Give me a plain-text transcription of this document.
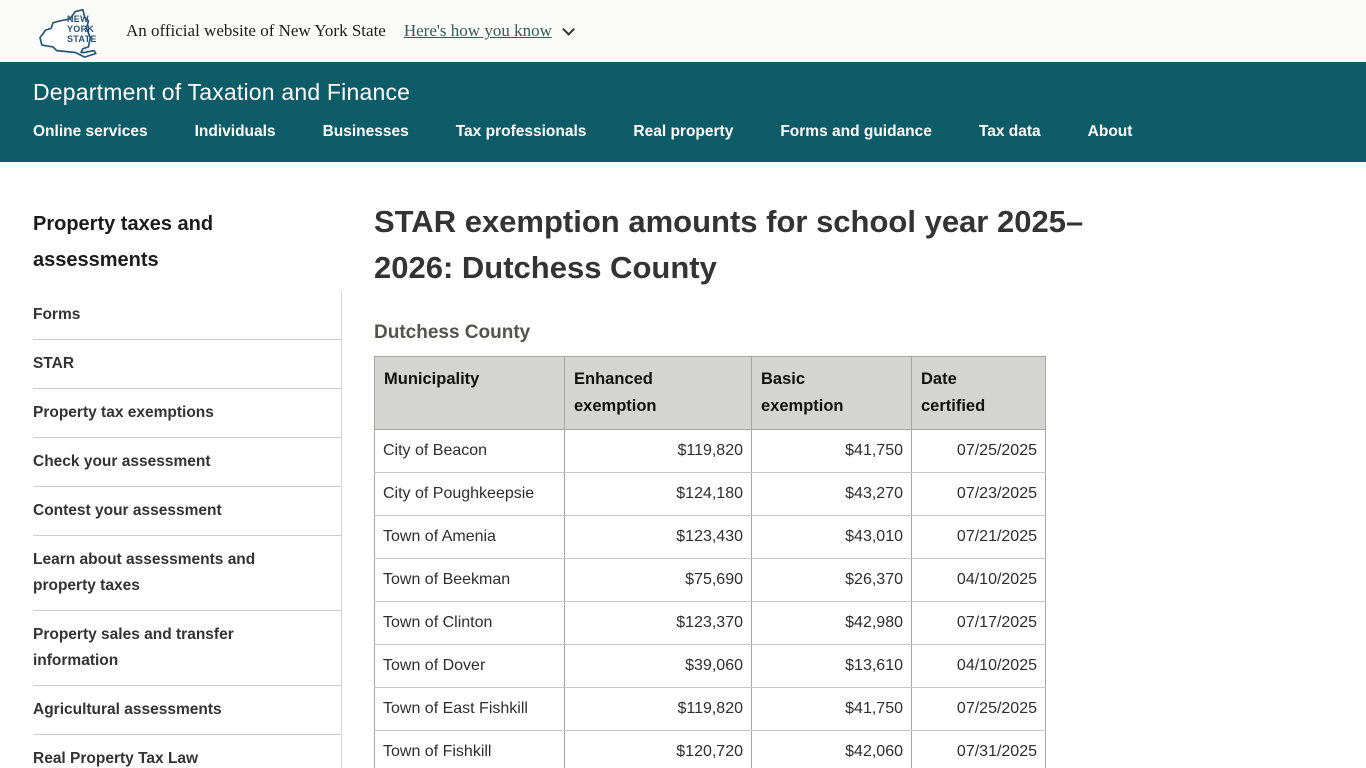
NEW
YORK
STATE An official website of New York State Here's how you know
Department of Taxation and Finance
Online services	Individuals	Businesses	Tax professionals	Real property	Forms and guidance	Tax data	About
Property taxes and assessments
Forms
STAR
Property tax exemptions
Check your assessment
Contest your assessment
Learn about assessments and property taxes
Property sales and transfer information
Agricultural assessments
Real Property Tax Law
STAR exemption amounts for school year 2025–
2026: Dutchess County
Dutchess County
Municipality	Enhanced exemption	Basic exemption	Date certified
City of Beacon	$119,820	$41,750	07/25/2025
City of Poughkeepsie	$124,180	$43,270	07/23/2025
Town of Amenia	$123,430	$43,010	07/21/2025
Town of Beekman	$75,690	$26,370	04/10/2025
Town of Clinton	$123,370	$42,980	07/17/2025
Town of Dover	$39,060	$13,610	04/10/2025
Town of East Fishkill	$119,820	$41,750	07/25/2025
Town of Fishkill	$120,720	$42,060	07/31/2025
